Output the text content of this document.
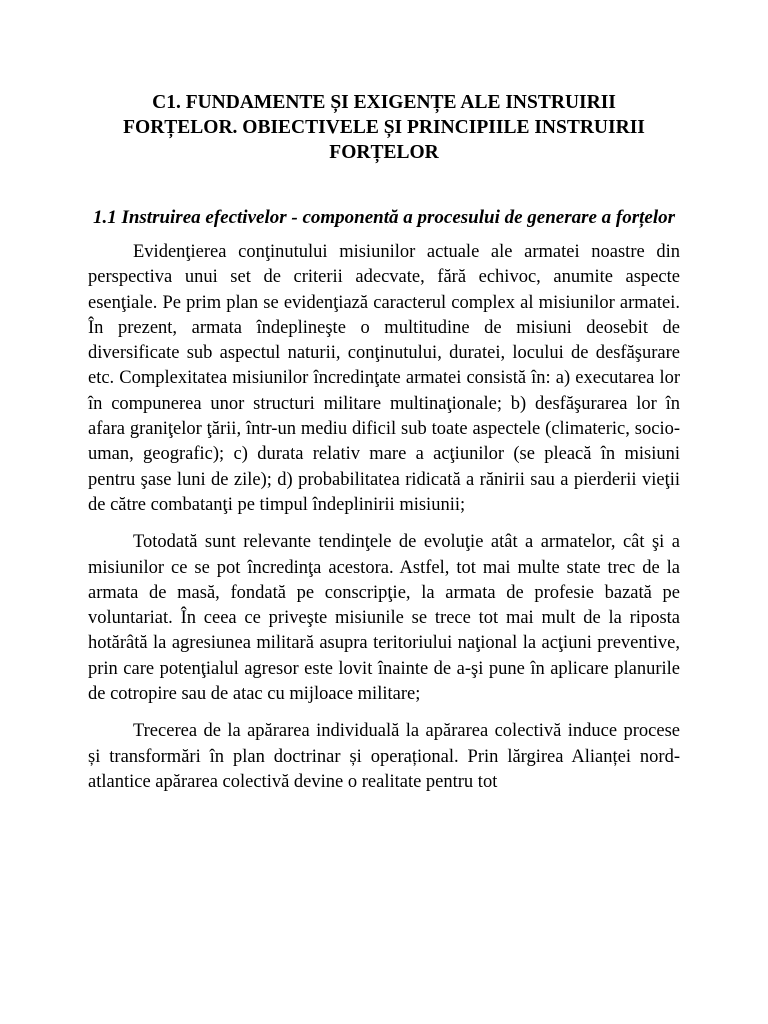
C1. FUNDAMENTE ȘI EXIGENȚE ALE INSTRUIRII FORȚELOR. OBIECTIVELE ȘI PRINCIPIILE INSTRUIRII FORȚELOR
1.1 Instruirea efectivelor - componentă a procesului de generare a forțelor

Evidenţierea conţinutului misiunilor actuale ale armatei noastre din perspectiva unui set de criterii adecvate, fără echivoc, anumite aspecte esenţiale. Pe prim plan se evidenţiază caracterul complex al misiunilor armatei. În prezent, armata îndeplineşte o multitudine de misiuni deosebit de diversificate sub aspectul naturii, conţinutului, duratei, locului de desfăşurare etc. Complexitatea misiunilor încredinţate armatei consistă în: a) executarea lor în compunerea unor structuri militare multinaţionale; b) desfăşurarea lor în afara graniţelor ţării, într-un mediu dificil sub toate aspectele (climateric, socio-uman, geografic); c) durata relativ mare a acţiunilor (se pleacă în misiuni pentru şase luni de zile); d) probabilitatea ridicată a rănirii sau a pierderii vieţii de către combatanţi pe timpul îndeplinirii misiunii;

Totodată sunt relevante tendinţele de evoluţie atât a armatelor, cât şi a misiunilor ce se pot încredinţa acestora. Astfel, tot mai multe state trec de la armata de masă, fondată pe conscripţie, la armata de profesie bazată pe voluntariat. În ceea ce priveşte misiunile se trece tot mai mult de la riposta hotărâtă la agresiunea militară asupra teritoriului naţional la acţiuni preventive, prin care potenţialul agresor este lovit înainte de a-şi pune în aplicare planurile de cotropire sau de atac cu mijloace militare;

Trecerea de la apărarea individuală la apărarea colectivă induce procese și transformări în plan doctrinar și operațional. Prin lărgirea Alianței nord-atlantice apărarea colectivă devine o realitate pentru tot
